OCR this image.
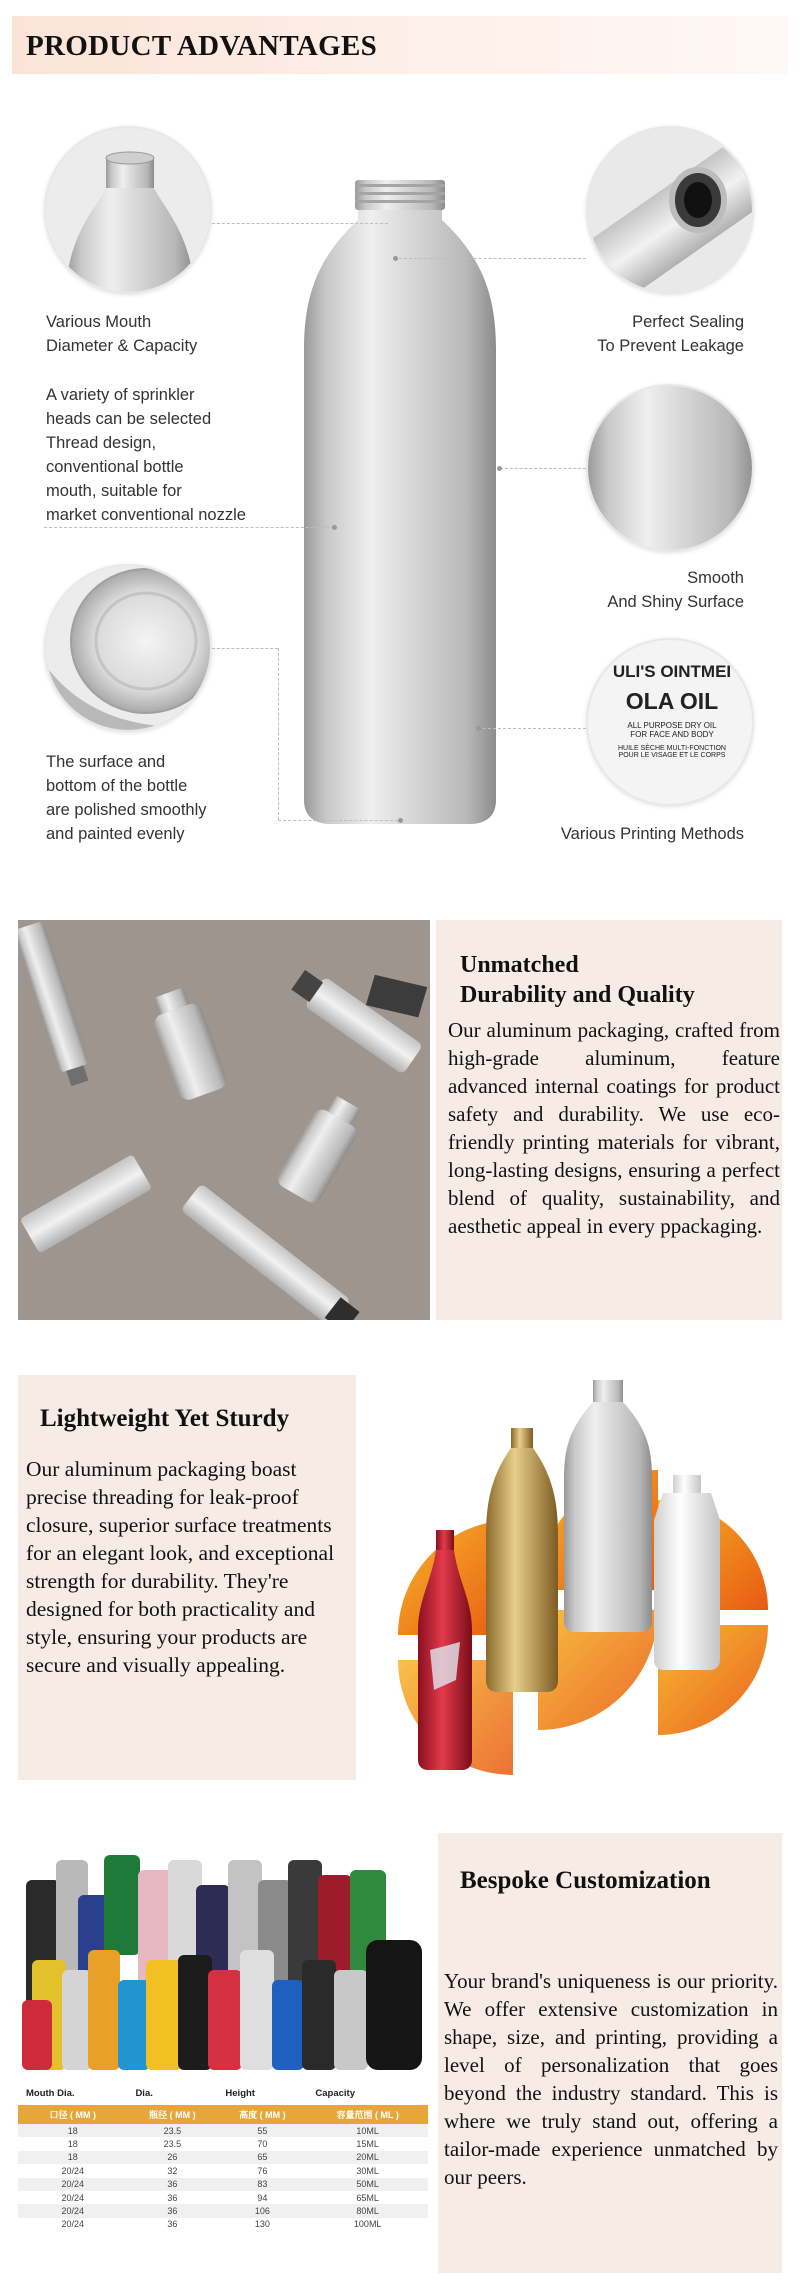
PRODUCT ADVANTAGES
ULI'S OINTMEI
OLA OIL
ALL PURPOSE DRY OIL
FOR FACE AND BODY
HUILE SÈCHE MULTI-FONCTION
POUR LE VISAGE ET LE CORPS
Various Mouth
Diameter & Capacity
A variety of sprinkler
heads can be selected
Thread design,
conventional bottle
mouth, suitable for
market conventional nozzle
The surface and
bottom of the bottle
are polished smoothly
and painted evenly
Perfect Sealing
To Prevent Leakage
Smooth
And Shiny Surface
Various Printing Methods
Unmatched
Durability and Quality
Our aluminum packaging, crafted from high-grade aluminum, feature advanced internal coatings for product safety and durability. We use eco-friendly printing materials for vibrant, long-lasting designs, ensuring a perfect blend of quality, sustainability, and aesthetic appeal in every ppackaging.
Lightweight Yet Sturdy
Our aluminum packaging boast precise threading for leak-proof closure, superior surface treatments for an elegant look, and exceptional strength for durability. They're designed for both practicality and style, ensuring your products are secure and visually appealing.
Mouth Dia.	Dia.	Height	Capacity
口径 ( MM )	瓶径 ( MM )	高度 ( MM )	容量范围 ( ML )
18	23.5	55	10ML
18	23.5	70	15ML
18	26	65	20ML
20/24	32	76	30ML
20/24	36	83	50ML
20/24	36	94	65ML
20/24	36	106	80ML
20/24	36	130	100ML
Bespoke Customization
Your brand's uniqueness is our priority. We offer extensive customization in shape, size, and printing, providing a level of personalization that goes beyond the industry standard. This is where we truly stand out, offering a tailor-made experience unmatched by our peers.
